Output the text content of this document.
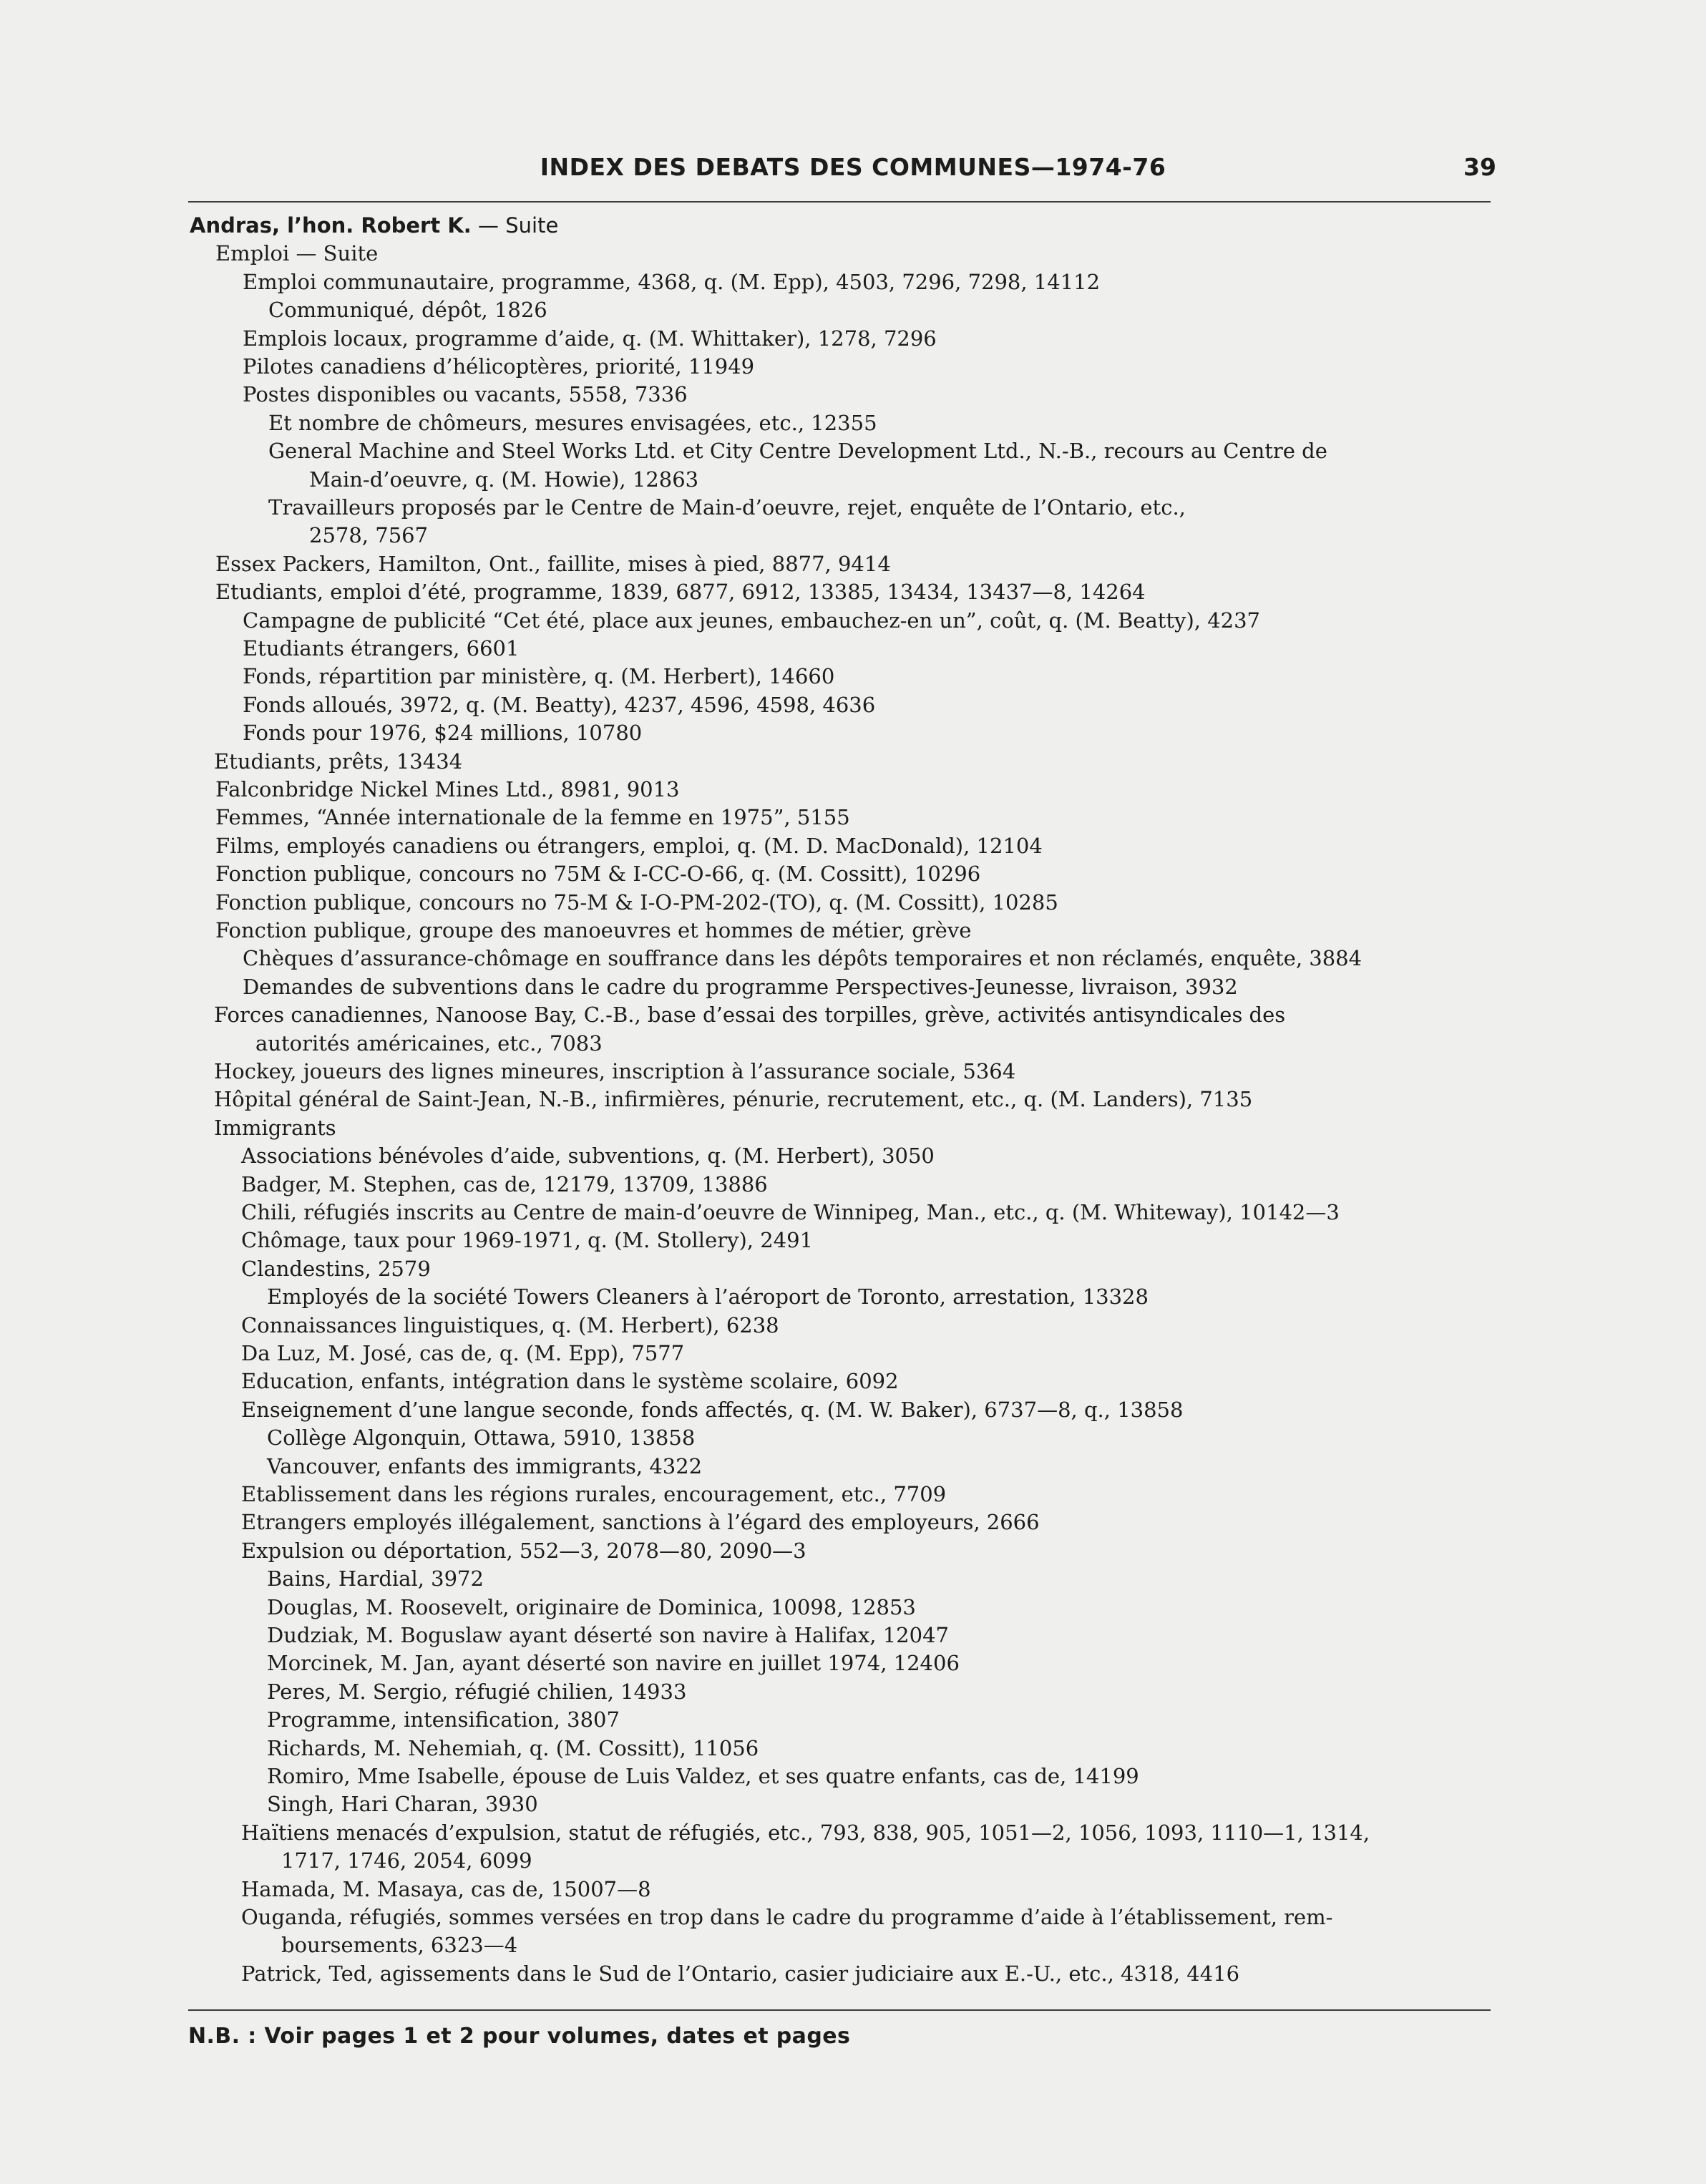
INDEX DES DEBATS DES COMMUNES—1974-76	39
Andras, l’hon. Robert K. — Suite
Emploi — Suite
Emploi communautaire, programme, 4368, q. (M. Epp), 4503, 7296, 7298, 14112
Communiqué, dépôt, 1826
Emplois locaux, programme d’aide, q. (M. Whittaker), 1278, 7296
Pilotes canadiens d’hélicoptères, priorité, 11949
Postes disponibles ou vacants, 5558, 7336
Et nombre de chômeurs, mesures envisagées, etc., 12355
General Machine and Steel Works Ltd. et City Centre Development Ltd., N.-B., recours au Centre de
Main-d’oeuvre, q. (M. Howie), 12863
Travailleurs proposés par le Centre de Main-d’oeuvre, rejet, enquête de l’Ontario, etc.,
2578, 7567
Essex Packers, Hamilton, Ont., faillite, mises à pied, 8877, 9414
Etudiants, emploi d’été, programme, 1839, 6877, 6912, 13385, 13434, 13437—8, 14264
Campagne de publicité “Cet été, place aux jeunes, embauchez-en un”, coût, q. (M. Beatty), 4237
Etudiants étrangers, 6601
Fonds, répartition par ministère, q. (M. Herbert), 14660
Fonds alloués, 3972, q. (M. Beatty), 4237, 4596, 4598, 4636
Fonds pour 1976, $24 millions, 10780
Etudiants, prêts, 13434
Falconbridge Nickel Mines Ltd., 8981, 9013
Femmes, “Année internationale de la femme en 1975”, 5155
Films, employés canadiens ou étrangers, emploi, q. (M. D. MacDonald), 12104
Fonction publique, concours no 75M & I-CC-O-66, q. (M. Cossitt), 10296
Fonction publique, concours no 75-M & I-O-PM-202-(TO), q. (M. Cossitt), 10285
Fonction publique, groupe des manoeuvres et hommes de métier, grève
Chèques d’assurance-chômage en souffrance dans les dépôts temporaires et non réclamés, enquête, 3884
Demandes de subventions dans le cadre du programme Perspectives-Jeunesse, livraison, 3932
Forces canadiennes, Nanoose Bay, C.-B., base d’essai des torpilles, grève, activités antisyndicales des
autorités américaines, etc., 7083
Hockey, joueurs des lignes mineures, inscription à l’assurance sociale, 5364
Hôpital général de Saint-Jean, N.-B., infirmières, pénurie, recrutement, etc., q. (M. Landers), 7135
Immigrants
Associations bénévoles d’aide, subventions, q. (M. Herbert), 3050
Badger, M. Stephen, cas de, 12179, 13709, 13886
Chili, réfugiés inscrits au Centre de main-d’oeuvre de Winnipeg, Man., etc., q. (M. Whiteway), 10142—3
Chômage, taux pour 1969-1971, q. (M. Stollery), 2491
Clandestins, 2579
Employés de la société Towers Cleaners à l’aéroport de Toronto, arrestation, 13328
Connaissances linguistiques, q. (M. Herbert), 6238
Da Luz, M. José, cas de, q. (M. Epp), 7577
Education, enfants, intégration dans le système scolaire, 6092
Enseignement d’une langue seconde, fonds affectés, q. (M. W. Baker), 6737—8, q., 13858
Collège Algonquin, Ottawa, 5910, 13858
Vancouver, enfants des immigrants, 4322
Etablissement dans les régions rurales, encouragement, etc., 7709
Etrangers employés illégalement, sanctions à l’égard des employeurs, 2666
Expulsion ou déportation, 552—3, 2078—80, 2090—3
Bains, Hardial, 3972
Douglas, M. Roosevelt, originaire de Dominica, 10098, 12853
Dudziak, M. Boguslaw ayant déserté son navire à Halifax, 12047
Morcinek, M. Jan, ayant déserté son navire en juillet 1974, 12406
Peres, M. Sergio, réfugié chilien, 14933
Programme, intensification, 3807
Richards, M. Nehemiah, q. (M. Cossitt), 11056
Romiro, Mme Isabelle, épouse de Luis Valdez, et ses quatre enfants, cas de, 14199
Singh, Hari Charan, 3930
Haïtiens menacés d’expulsion, statut de réfugiés, etc., 793, 838, 905, 1051—2, 1056, 1093, 1110—1, 1314,
1717, 1746, 2054, 6099
Hamada, M. Masaya, cas de, 15007—8
Ouganda, réfugiés, sommes versées en trop dans le cadre du programme d’aide à l’établissement, rem-
boursements, 6323—4
Patrick, Ted, agissements dans le Sud de l’Ontario, casier judiciaire aux E.-U., etc., 4318, 4416
N.B. : Voir pages 1 et 2 pour volumes, dates et pages
